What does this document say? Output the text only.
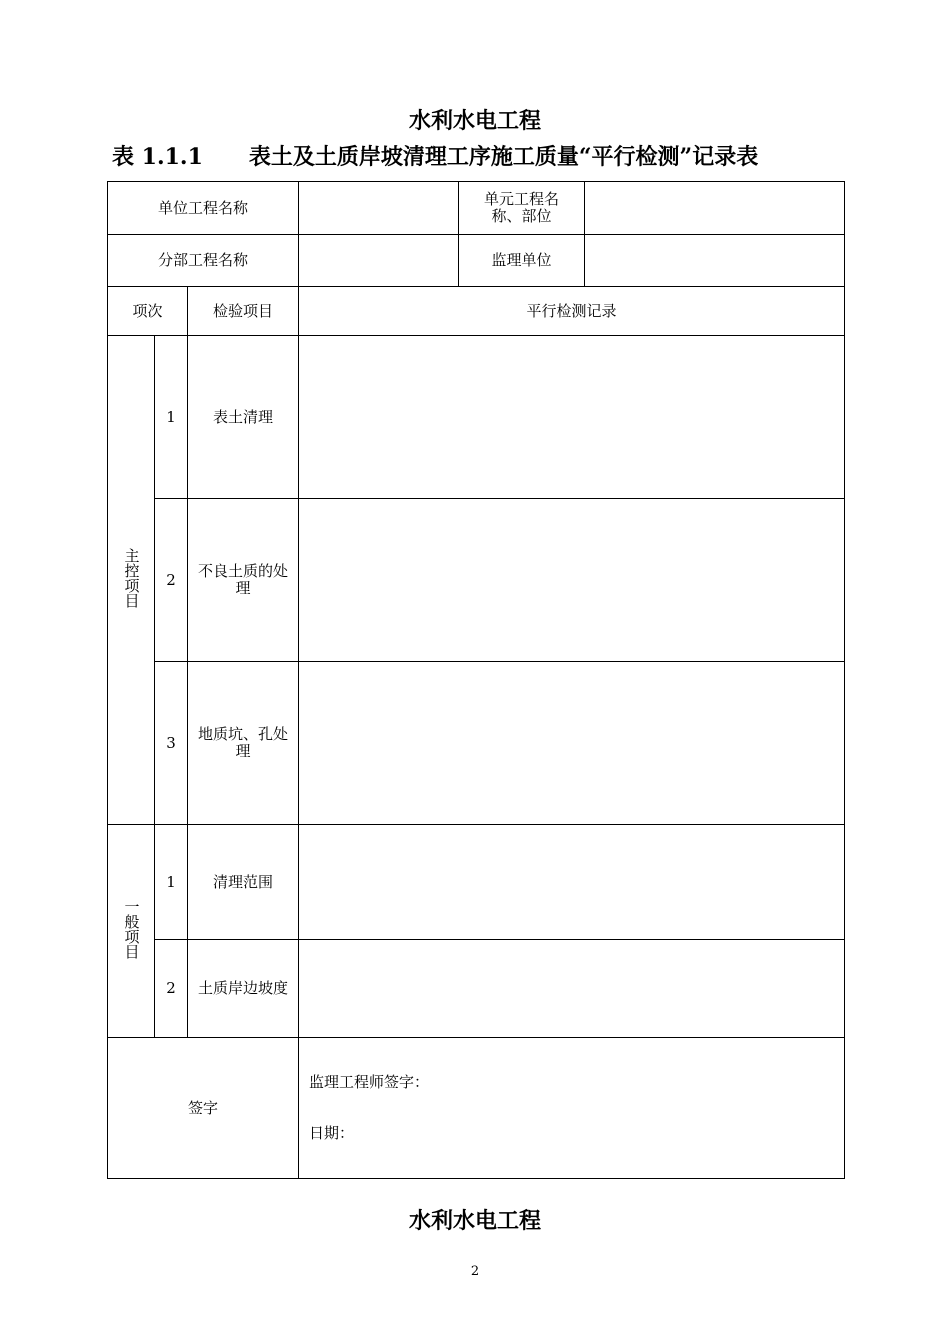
水利水电工程
表 1.1.1 表土及土质岸坡清理工序施工质量“平行检测”记录表
单位工程名称				单元工程名称、部位	

分部工程名称				监理单位	
项次		检验项目	平行检测记录		
主控项目	1	表土清理			
	2	不良土质的处理			

	3	地质坑、孔处理			

一般项目	1	清理范围			
	2	土质岸边坡度			

签字			监理工程师签字：
日期：		
水利水电工程
2
